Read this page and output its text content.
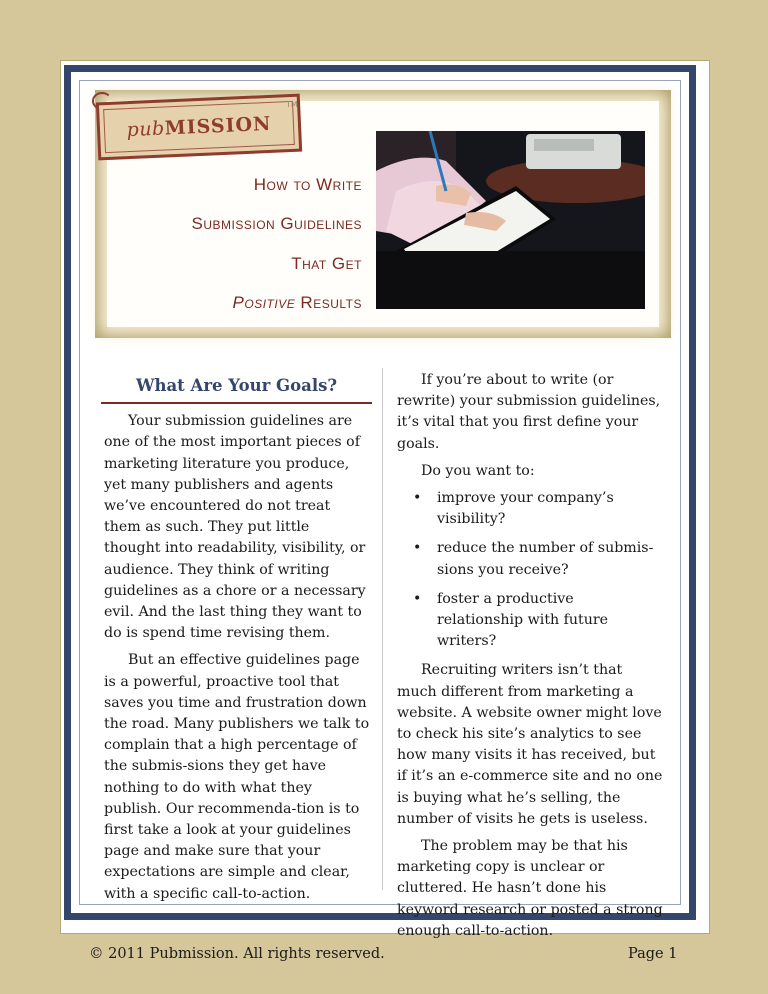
pubMISSION
TM
How to Write
Submission Guidelines
That Get
Positive Results
What Are Your Goals?

Your submission guidelines are one of the most important pieces of marketing literature you produce, yet many publishers and agents we’ve encountered do not treat them as such. They put little thought into readability, visibility, or audience. They think of writing guidelines as a chore or a necessary evil. And the last thing they want to do is spend time revising them.

But an effective guidelines page is a powerful, proactive tool that saves you time and frustration down the road. Many publishers we talk to complain that a high percentage of the submis-sions they get have nothing to do with what they publish. Our recommenda-tion is to first take a look at your guidelines page and make sure that your expectations are simple and clear, with a specific call-to-action.

If you’re about to write (or rewrite) your submission guidelines, it’s vital that you first define your goals.

Do you want to:

• improve your company’s visibility?
• reduce the number of submis-sions you receive?
• foster a productive relationship with future writers?

Recruiting writers isn’t that much different from marketing a website. A website owner might love to check his site’s analytics to see how many visits it has received, but if it’s an e-commerce site and no one is buying what he’s selling, the number of visits he gets is useless.

The problem may be that his marketing copy is unclear or cluttered. He hasn’t done his keyword research or posted a strong enough call-to-action.

© 2011 Pubmission. All rights reserved.	Page 1
